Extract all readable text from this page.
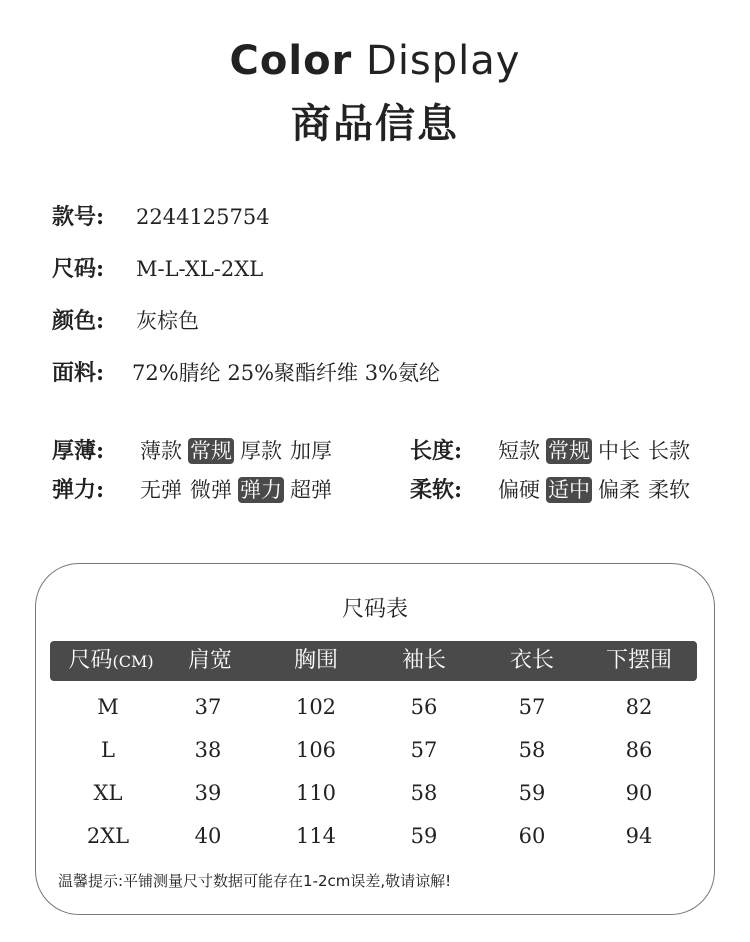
Color Display
商品信息
款号: 2244125754
尺码: M-L-XL-2XL
颜色: 灰棕色
面料: 72%腈纶 25%聚酯纤维 3%氨纶
厚薄: 薄款 常规 厚款 加厚	长度: 短款 常规 中长 长款
弹力: 无弹 微弹 弹力 超弹	柔软: 偏硬 适中 偏柔 柔软
尺码表
尺码(CM)	肩宽	胸围	袖长	衣长	下摆围
M	37	102	56	57	82
L	38	106	57	58	86
XL	39	110	58	59	90
2XL	40	114	59	60	94
温馨提示:平铺测量尺寸数据可能存在1-2cm误差,敬请谅解!
